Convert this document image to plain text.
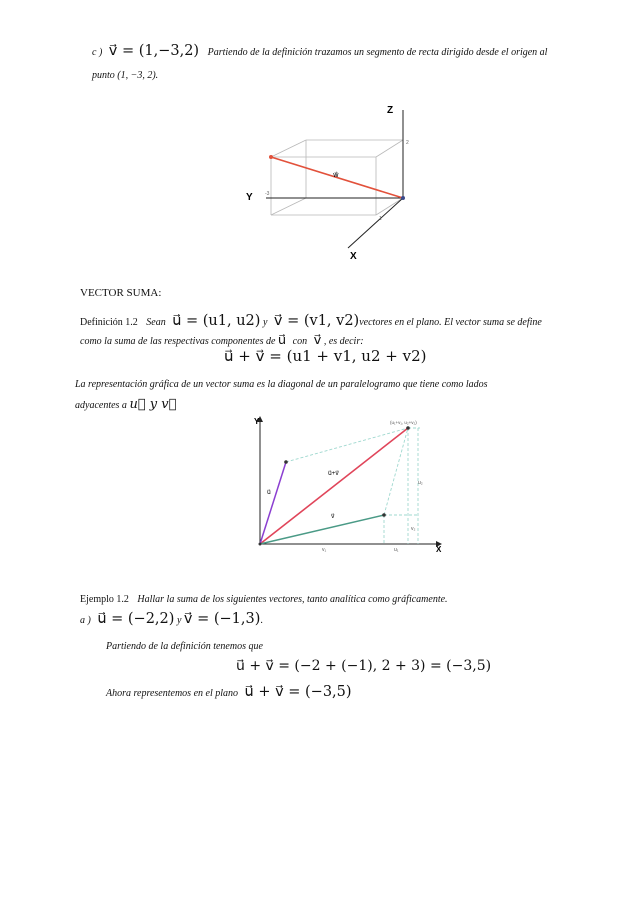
c ) v⃗ = (1,−3,2) Partiendo de la definición trazamos un segmento de recta dirigido desde el origen al
punto (1, −3, 2).
Z
Y
X
w⃗
2
-3
1
VECTOR SUMA:
Definición 1.2 Sean u⃗ = (u1, u2) y v⃗ = (v1, v2)vectores en el plano. El vector suma se define
como la suma de las respectivas componentes de u⃗ con v⃗ , es decir:
u⃗ + v⃗ = (u1 + v1, u2 + v2)
La representación gráfica de un vector suma es la diagonal de un paralelogramo que tiene como lados
adyacentes a u⃗ y v⃗
Y
X
u⃗
v⃗
u⃗+v⃗
(u₁+v₁, u₂+v₂)
u₂
v₂
v₁	u₁
Ejemplo 1.2 Hallar la suma de los siguientes vectores, tanto analítica como gráficamente.
a ) u⃗ = (−2,2) y v⃗ = (−1,3).
Partiendo de la definición tenemos que
u⃗ + v⃗ = (−2 + (−1), 2 + 3) = (−3,5)
Ahora representemos en el plano u⃗ + v⃗ = (−3,5)
